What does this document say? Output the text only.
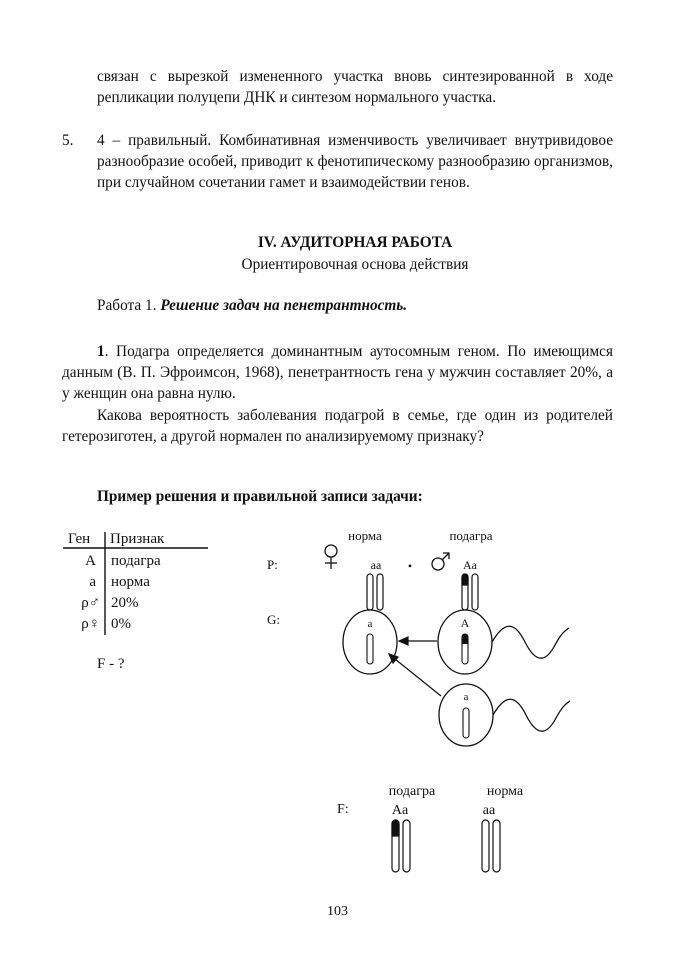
связан с вырезкой измененного участка вновь синтезированной в ходе репликации полуцепи ДНК и синтезом нормального участка.
5. 4 – правильный. Комбинативная изменчивость увеличивает внутривидовое разнообразие особей, приводит к фенотипическому разнообразию организмов, при случайном сочетании гамет и взаимодействии генов.
IV. АУДИТОРНАЯ РАБОТА
Ориентировочная основа действия
Работа 1. Решение задач на пенетрантность.
1. Подагра определяется доминантным аутосомным геном. По имеющимся данным (В. П. Эфроимсон, 1968), пенетрантность гена у мужчин составляет 20%, а у женщин она равна нулю.
Какова вероятность заболевания подагрой в семье, где один из родителей гетерозиготен, а другой нормален по анализируемому признаку?
Пример решения и правильной записи задачи:
Ген Признак
A подагра
a норма
ρ♂ 20%
ρ♀ 0%
F - ?
P:
G:
F:
норма	подагра
aa •	Aa
a	A
a
подагра	норма
Aa	aa
103
